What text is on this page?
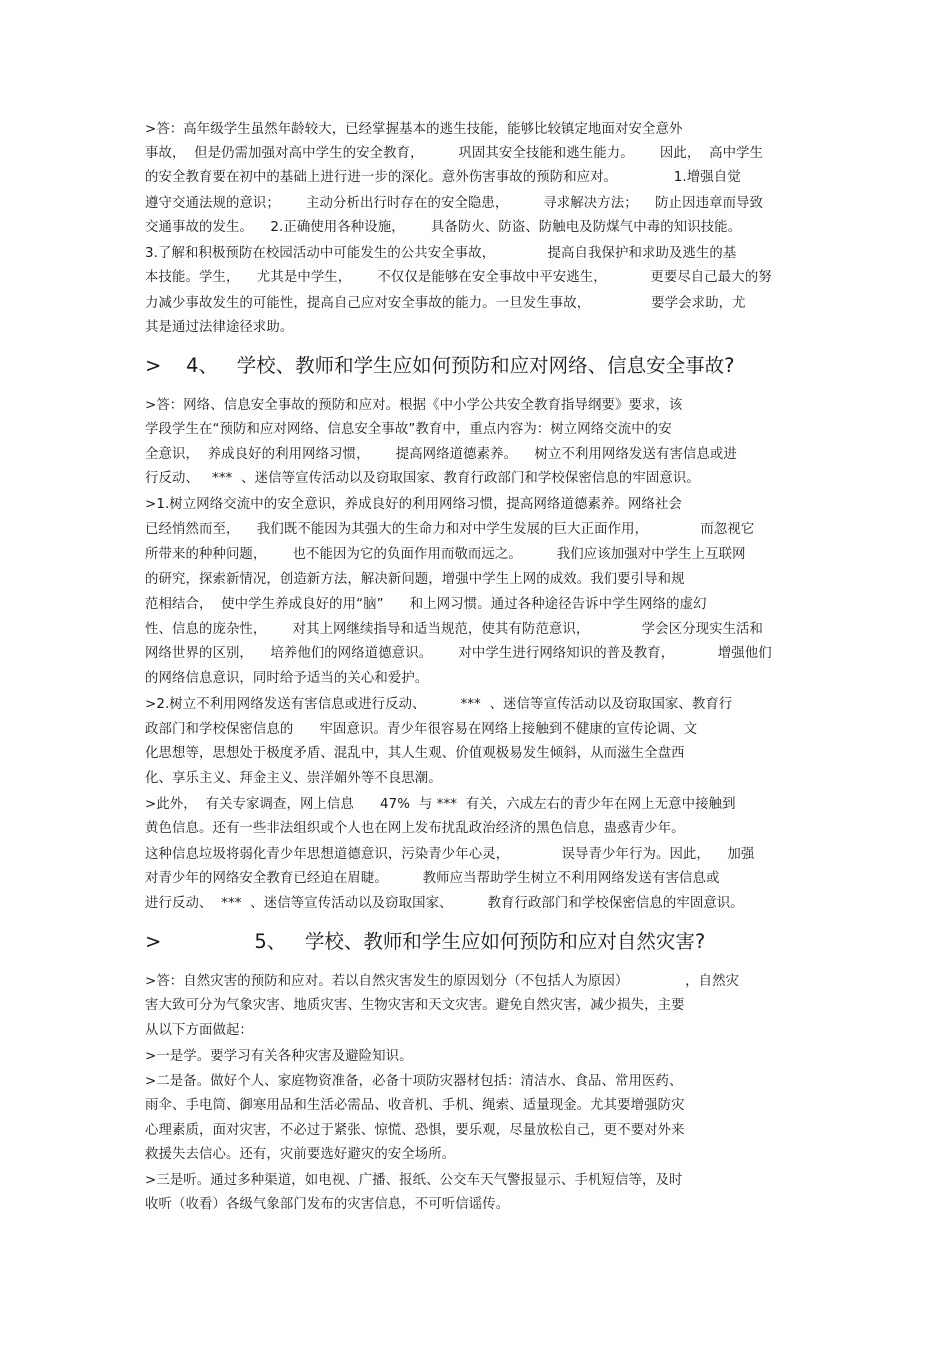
>答：高年级学生虽然年龄较大，已经掌握基本的逃生技能，能够比较镇定地面对安全意外
事故，  但是仍需加强对高中学生的安全教育，        巩固其安全技能和逃生能力。      因此，  高中学生
的安全教育要在初中的基础上进行进一步的深化。意外伤害事故的预防和应对。             1.增强自觉
遵守交通法规的意识；      主动分析出行时存在的安全隐患，        寻求解决方法；    防止因违章而导致
交通事故的发生。    2.正确使用各种设施，      具备防火、防盗、防触电及防煤气中毒的知识技能。
3.了解和积极预防在校园活动中可能发生的公共安全事故，            提高自我保护和求助及逃生的基
本技能。学生，    尤其是中学生，      不仅仅是能够在安全事故中平安逃生，          更要尽自己最大的努
力减少事故发生的可能性，提高自己应对安全事故的能力。一旦发生事故，              要学会求助，尤
其是通过法律途径求助。
>    4、   学校、教师和学生应如何预防和应对网络、信息安全事故?
>答：网络、信息安全事故的预防和应对。根据《中小学公共安全教育指导纲要》要求，该
学段学生在“预防和应对网络、信息安全事故”教育中，重点内容为：树立网络交流中的安
全意识，  养成良好的利用网络习惯，      提高网络道德素养。    树立不利用网络发送有害信息或进
行反动、   ***  、迷信等宣传活动以及窃取国家、教育行政部门和学校保密信息的牢固意识。
>1.树立网络交流中的安全意识，养成良好的利用网络习惯，提高网络道德素养。网络社会
已经悄然而至，    我们既不能因为其强大的生命力和对中学生发展的巨大正面作用，            而忽视它
所带来的种种问题，      也不能因为它的负面作用而敬而远之。        我们应该加强对中学生上互联网
的研究，探索新情况，创造新方法，解决新问题，增强中学生上网的成效。我们要引导和规
范相结合，  使中学生养成良好的用“脑”      和上网习惯。通过各种途径告诉中学生网络的虚幻
性、信息的庞杂性，      对其上网继续指导和适当规范，使其有防范意识，            学会区分现实生活和
网络世界的区别，    培养他们的网络道德意识。      对中学生进行网络知识的普及教育，          增强他们
的网络信息意识，同时给予适当的关心和爱护。
>2.树立不利用网络发送有害信息或进行反动、        ***  、迷信等宣传活动以及窃取国家、教育行
政部门和学校保密信息的      牢固意识。青少年很容易在网络上接触到不健康的宣传论调、文
化思想等，思想处于极度矛盾、混乱中，其人生观、价值观极易发生倾斜，从而滋生全盘西
化、享乐主义、拜金主义、崇洋媚外等不良思潮。
>此外，  有关专家调查，网上信息      47%  与 ***  有关，六成左右的青少年在网上无意中接触到
黄色信息。还有一些非法组织或个人也在网上发布扰乱政治经济的黑色信息，蛊惑青少年。
这种信息垃圾将弱化青少年思想道德意识，污染青少年心灵，            误导青少年行为。因此，    加强
对青少年的网络安全教育已经迫在眉睫。        教师应当帮助学生树立不利用网络发送有害信息或
进行反动、  ***  、迷信等宣传活动以及窃取国家、        教育行政部门和学校保密信息的牢固意识。
>               5、   学校、教师和学生应如何预防和应对自然灾害?
>答：自然灾害的预防和应对。若以自然灾害发生的原因划分（不包括人为原因）             ，自然灾
害大致可分为气象灾害、地质灾害、生物灾害和天文灾害。避免自然灾害，减少损失，主要
从以下方面做起：
>一是学。要学习有关各种灾害及避险知识。
>二是备。做好个人、家庭物资准备，必备十项防灾器材包括：清洁水、食品、常用医药、
雨伞、手电筒、御寒用品和生活必需品、收音机、手机、绳索、适量现金。尤其要增强防灾
心理素质，面对灾害，不必过于紧张、惊慌、恐惧，要乐观，尽量放松自己，更不要对外来
救援失去信心。还有，灾前要选好避灾的安全场所。
>三是听。通过多种渠道，如电视、广播、报纸、公交车天气警报显示、手机短信等，及时
收听（收看）各级气象部门发布的灾害信息，不可听信谣传。
